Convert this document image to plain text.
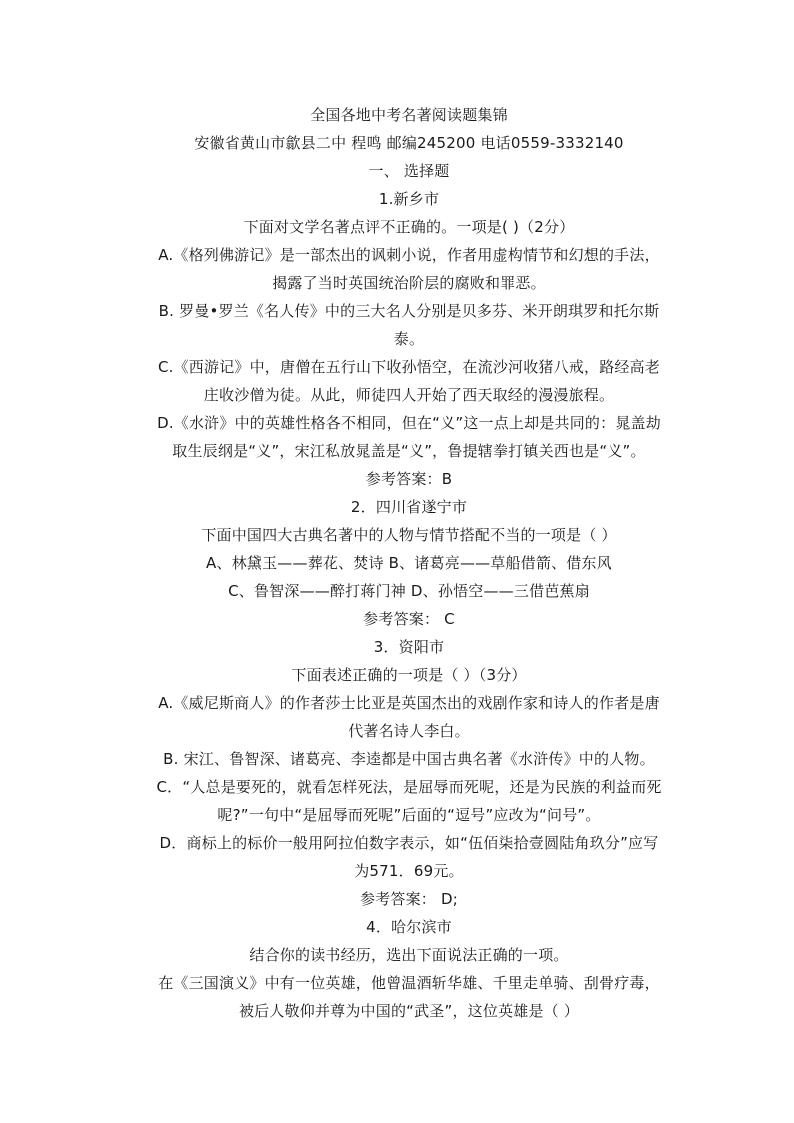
全国各地中考名著阅读题集锦
安徽省黄山市歙县二中 程鸣 邮编245200 电话0559-3332140
一、 选择题
1.新乡市
下面对文学名著点评不正确的。一项是( )（2分）
A.《格列佛游记》是一部杰出的讽刺小说，作者用虚构情节和幻想的手法，
揭露了当时英国统治阶层的腐败和罪恶。
B. 罗曼•罗兰《名人传》中的三大名人分别是贝多芬、米开朗琪罗和托尔斯
泰。
C.《西游记》中，唐僧在五行山下收孙悟空，在流沙河收猪八戒，路经高老
庄收沙僧为徒。从此，师徒四人开始了西天取经的漫漫旅程。
D.《水浒》中的英雄性格各不相同，但在“义”这一点上却是共同的：晁盖劫
取生辰纲是“义”，宋江私放晁盖是“义”，鲁提辖拳打镇关西也是“义”。
参考答案：B
2．四川省遂宁市
下面中国四大古典名著中的人物与情节搭配不当的一项是（ ）
A、林黛玉——葬花、焚诗 B、诸葛亮——草船借箭、借东风
C、鲁智深——醉打蒋门神 D、孙悟空——三借芭蕉扇
参考答案： C
3．资阳市
下面表述正确的一项是（ ）（3分）
A.《威尼斯商人》的作者莎士比亚是英国杰出的戏剧作家和诗人的作者是唐
代著名诗人李白。
B. 宋江、鲁智深、诸葛亮、李逵都是中国古典名著《水浒传》中的人物。
C．“人总是要死的，就看怎样死法，是屈辱而死呢，还是为民族的利益而死
呢?”一句中“是屈辱而死呢”后面的“逗号”应改为“问号”。
D．商标上的标价一般用阿拉伯数字表示，如“伍佰柒拾壹圆陆角玖分”应写
为571．69元。
参考答案： D;
4．哈尔滨市
结合你的读书经历，选出下面说法正确的一项。
在《三国演义》中有一位英雄，他曾温酒斩华雄、千里走单骑、刮骨疗毒，
被后人敬仰并尊为中国的“武圣”，这位英雄是（ ）
